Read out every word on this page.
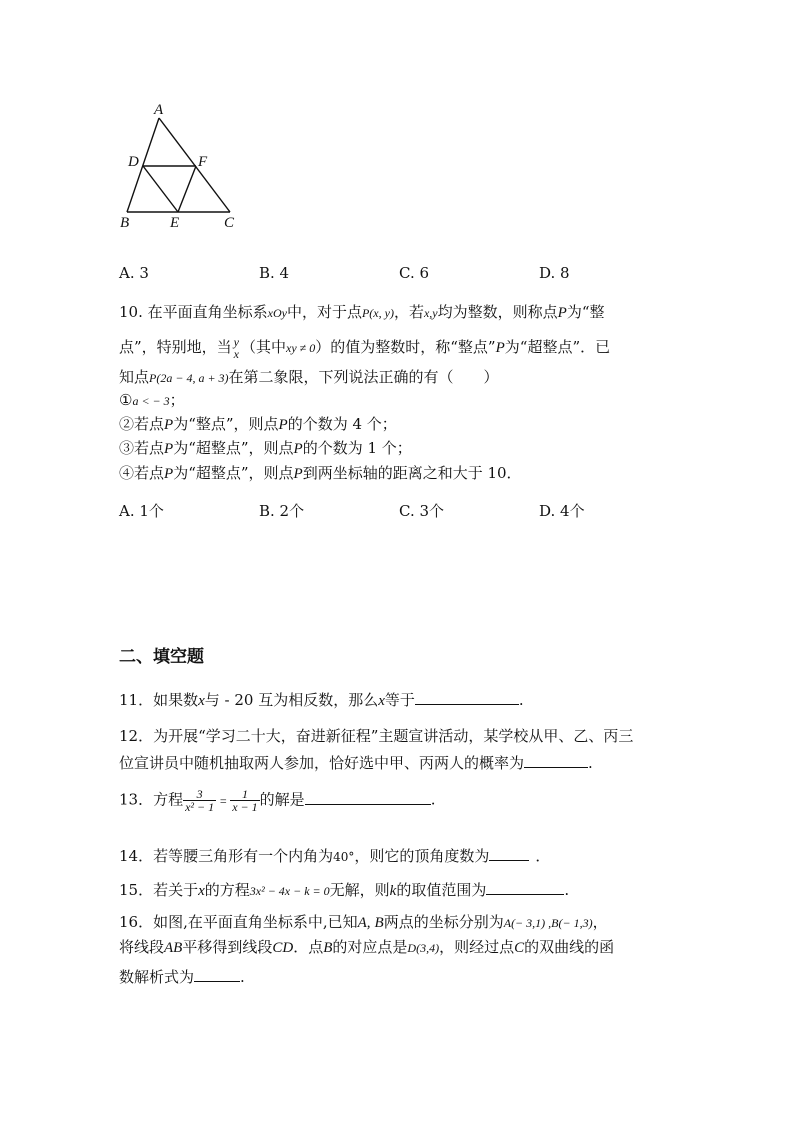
A
D	F
B	E	C
A. 3	B. 4	C. 6	D. 8
10. 在平面直角坐标系xOy中，对于点P(x, y)，若x,y均为整数，则称点P为“整
点”，特别地，当 y
x （其中xy ≠ 0）的值为整数时，称“整点”P为“超整点”．已
知点P(2a − 4, a + 3)在第二象限，下列说法正确的有（　　）
①a < − 3；
②若点P为“整点”，则点P的个数为 4 个；
③若点P为“超整点”，则点P的个数为 1 个；
④若点P为“超整点”，则点P到两坐标轴的距离之和大于 10．
A. 1个	B. 2个	C. 3个	D. 4个
二、填空题
11．如果数x与 - 20 互为相反数，那么x等于	.
12．为开展“学习二十大，奋进新征程”主题宣讲活动，某学校从甲、乙、丙三
位宣讲员中随机抽取两人参加，恰好选中甲、丙两人的概率为	.
13．方程 $\frac{3}{\text{x² − 1}} = \frac{1}{x - 1}$ 的解是	.
14．若等腰三角形有一个内角为40°，则它的顶角度数为	．
15．若关于x的方程3x² − 4x − k = 0无解，则k的取值范围为	.
16．如图,在平面直角坐标系中,已知A, B两点的坐标分别为A(− 3,1) ,B(− 1,3)，
将线段AB平移得到线段CD．点B的对应点是D(3,4)，则经过点C的双曲线的函
数解析式为	.
